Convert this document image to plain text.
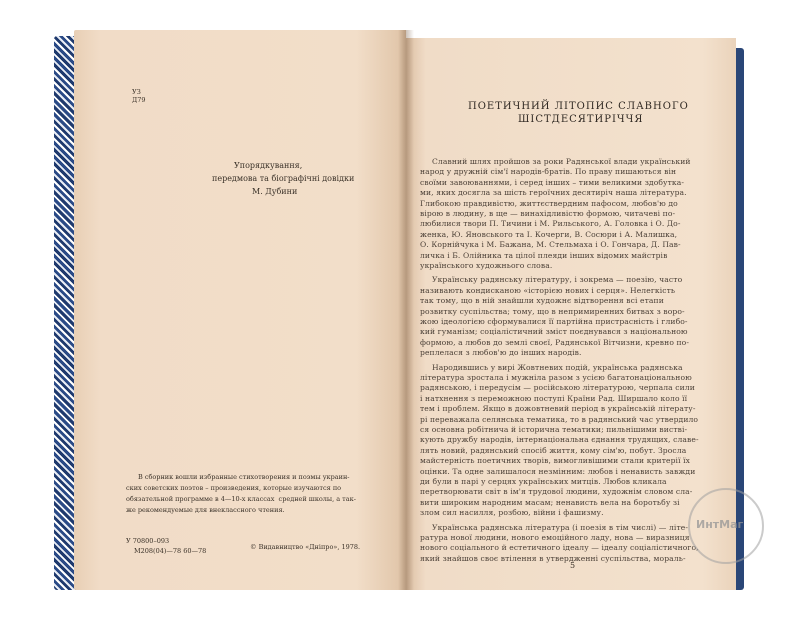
УЗ
Д79
Упорядкування,
передмова та біографічні довідки
М. Дубини
В сборник вошли избранные стихотворения и поэмы украин-
ских советских поэтов – произведения, которые изучаются по
обязательной программе в 4—10-х классах  средней школы, а так-
же рекомендуемые для внеклассного чтения.
У 70800–093
М208(04)—78 60—78	© Видавництво «Дніпро», 1978.
ПОЕТИЧНИЙ ЛІТОПИС СЛАВНОГО
ШІСТДЕСЯТИРІЧЧЯ
Славний шлях пройшов за роки Радянської влади український
народ у дружній сім'ї народів-братів. По праву пишаються він
своїми завоюваннями, і серед інших – тими великими здобутка-
ми, яких досягла за шість героїчних десятиріч наша література.
Глибокою правдивістю, життєствердним пафосом, любов'ю до
вірою в людину, в ще — винахідливістю формою, читачеві по-
любилися твори П. Тичини і М. Рильського, А. Головка і О. До-
женка, Ю. Яновського та І. Кочерги, В. Сосюри і А. Малишка,
О. Корнійчука і М. Бажана, М. Стельмаха і О. Гончара, Д. Пав-
личка і Б. Олійника та цілої плеяди інших відомих майстрів
українського художнього слова.
Українську радянську літературу, і зокрема — поезію, часто
називають кондисканою «історією нових і серця». Нелегкість
так тому, що в ній знайшли художнє відтворення всі етапи
розвитку суспільства; тому, що в непримиренних битвах з воро-
жою ідеологією сформувалися її партійна пристрасність і глибо-
кий гуманізм; соціалістичний зміст поєднувався з національною
формою, а любов до землі своєї, Радянської Вітчизни, кревно по-
реплелася з любов'ю до інших народів.
Народившись у вирі Жовтневих подій, українська радянська
література зростала і мужніла разом з усією багатонаціональною
радянською, і передусім — російською літературою, черпала сили
і натхнення з переможною поступі Країни Рад. Ширшало коло її
тем і проблем. Якщо в дожовтневий період в українській літерату-
рі переважала селянська тематика, то в радянський час утвердило
ся основна робітнича й історична тематики; пильнішими вистві-
кують дружбу народів, інтернаціональна єднання трудящих, славе-
лять новий, радянський спосіб життя, кому сім'ю, побут. Зросла
майстерність поетичних творів, вимогливішими стали критерії їх
оцінки. Та одне залишалося незмінним: любов і ненависть завжди
ди були в парі у серцях українських митців. Любов кликала
перетворювати світ в ім'я трудової людини, художнім словом сла-
вити широким народним масам; ненависть вела на боротьбу зі
злом сил насилля, розбою, війни і фашизму.
Українська радянська література (і поезія в тім числі) — літе-
ратура нової людини, нового емоційного ладу, нова — виразниця
нового соціального й естетичного ідеалу — ідеалу соціалістичного,
який знайшов своє втілення в утвердженні суспільства, мораль-
5
ИнтМаг
